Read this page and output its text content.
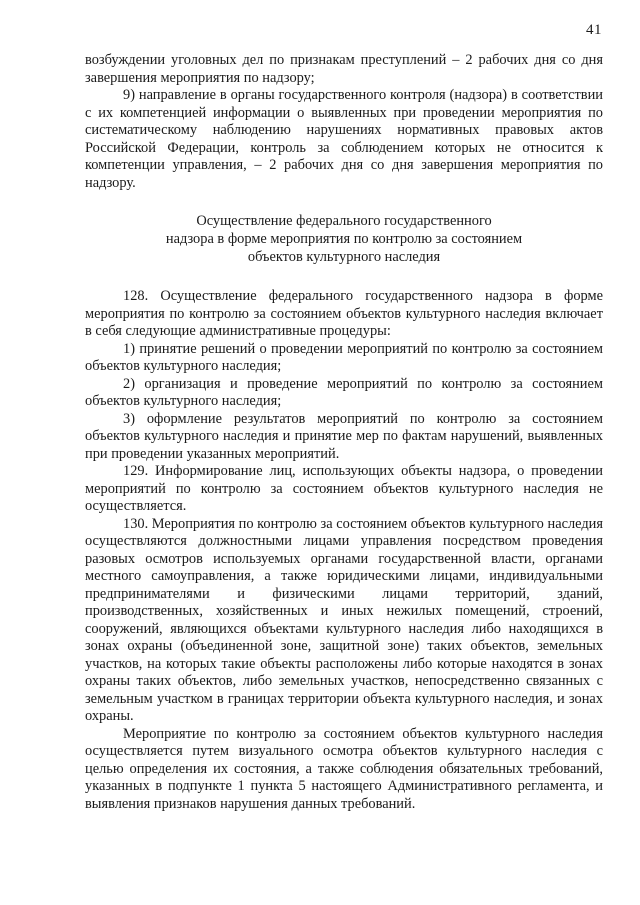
41

возбуждении уголовных дел по признакам преступлений – 2 рабочих дня со дня завершения мероприятия по надзору;

9) направление в органы государственного контроля (надзора) в соответствии с их компетенцией информации о выявленных при проведении мероприятия по систематическому наблюдению нарушениях нормативных правовых актов Российской Федерации, контроль за соблюдением которых не относится к компетенции управления, – 2 рабочих дня со дня завершения мероприятия по надзору.

Осуществление федерального государственного
надзора в форме мероприятия по контролю за состоянием
объектов культурного наследия

128. Осуществление федерального государственного надзора в форме мероприятия по контролю за состоянием объектов культурного наследия включает в себя следующие административные процедуры:

1) принятие решений о проведении мероприятий по контролю за состоянием объектов культурного наследия;

2) организация и проведение мероприятий по контролю за состоянием объектов культурного наследия;

3) оформление результатов мероприятий по контролю за состоянием объектов культурного наследия и принятие мер по фактам нарушений, выявленных при проведении указанных мероприятий.

129. Информирование лиц, использующих объекты надзора, о проведении мероприятий по контролю за состоянием объектов культурного наследия не осуществляется.

130. Мероприятия по контролю за состоянием объектов культурного наследия осуществляются должностными лицами управления посредством проведения разовых осмотров используемых органами государственной власти, органами местного самоуправления, а также юридическими лицами, индивидуальными предпринимателями и физическими лицами территорий, зданий, производственных, хозяйственных и иных нежилых помещений, строений, сооружений, являющихся объектами культурного наследия либо находящихся в зонах охраны (объединенной зоне, защитной зоне) таких объектов, земельных участков, на которых такие объекты расположены либо которые находятся в зонах охраны таких объектов, либо земельных участков, непосредственно связанных с земельным участком в границах территории объекта культурного наследия, и зонах охраны.

Мероприятие по контролю за состоянием объектов культурного наследия осуществляется путем визуального осмотра объектов культурного наследия с целью определения их состояния, а также соблюдения обязательных требований, указанных в подпункте 1 пункта 5 настоящего Административного регламента, и выявления признаков нарушения данных требований.
